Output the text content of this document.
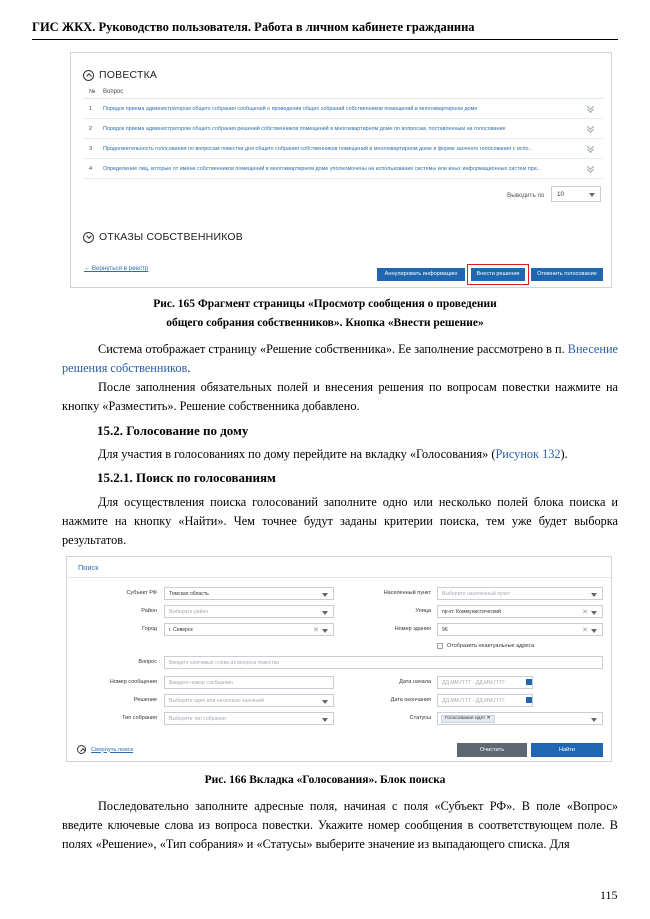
ГИС ЖКХ. Руководство пользователя. Работа в личном кабинете гражданина
ПОВЕСТКА
№ Вопрос
1 Порядок приема администратором общего собрания сообщений о проведении общих собраний собственников помещений в многоквартирном доме
2 Порядок приема администратором общего собрания решений собственников помещений в многоквартирном доме по вопросам, поставленным на голосование
3 Продолжительность голосования по вопросам повестки дня общего собрания собственников помещений в многоквартирном доме в форме заочного голосования с испо...
4 Определение лиц, которые от имени собственников помещений в многоквартирном доме уполномочены на использование системы или иных информационных систем при...
Выводить по	10
ОТКАЗЫ СОБСТВЕННИКОВ
← Вернуться в реестр
Аннулировать информацию	Внести решение	Отменить голосование
Рис. 165 Фрагмент страницы «Просмотр сообщения о проведении
общего собрания собственников». Кнопка «Внести решение»

Система отображает страницу «Решение собственника». Ее заполнение рассмотрено в п. Внесение решения собственников.

После заполнения обязательных полей и внесения решения по вопросам повестки нажмите на кнопку «Разместить». Решение собственника добавлено.

15.2. Голосование по дому

Для участия в голосованиях по дому перейдите на вкладку «Голосования» (Рисунок 132).

15.2.1. Поиск по голосованиям

Для осуществления поиска голосований заполните одно или несколько полей блока поиска и нажмите на кнопку «Найти». Чем точнее будут заданы критерии поиска, тем уже будет выборка результатов.

Поиск
Субъект РФ	Томская область
Район	Выберите район
Город	г. Северск	✕
Населенный пункт	Выберите населенный пункт
Улица	пр-кт. Коммунистический	✕
Номер здания	96	✕
Отобразить неактуальные адреса
Вопрос	Введите ключевые слова из вопроса повестки
Номер сообщения	Введите номер сообщения
Решение	Выберите одно или несколько значений
Тип собрания	Выберите тип собрания
Дата начала	ДД.ММ.ГГГГ - ДД.ММ.ГГГГ
Дата окончания	ДД.ММ.ГГГГ - ДД.ММ.ГГГГ
Статусы	Голосование идет ✕
Свернуть поиск	Очистить	Найти
Рис. 166 Вкладка «Голосования». Блок поиска

Последовательно заполните адресные поля, начиная с поля «Субъект РФ». В поле «Вопрос» введите ключевые слова из вопроса повестки. Укажите номер сообщения в соответствующем поле. В полях «Решение», «Тип собрания» и «Статусы» выберите значение из выпадающего списка. Для

115
